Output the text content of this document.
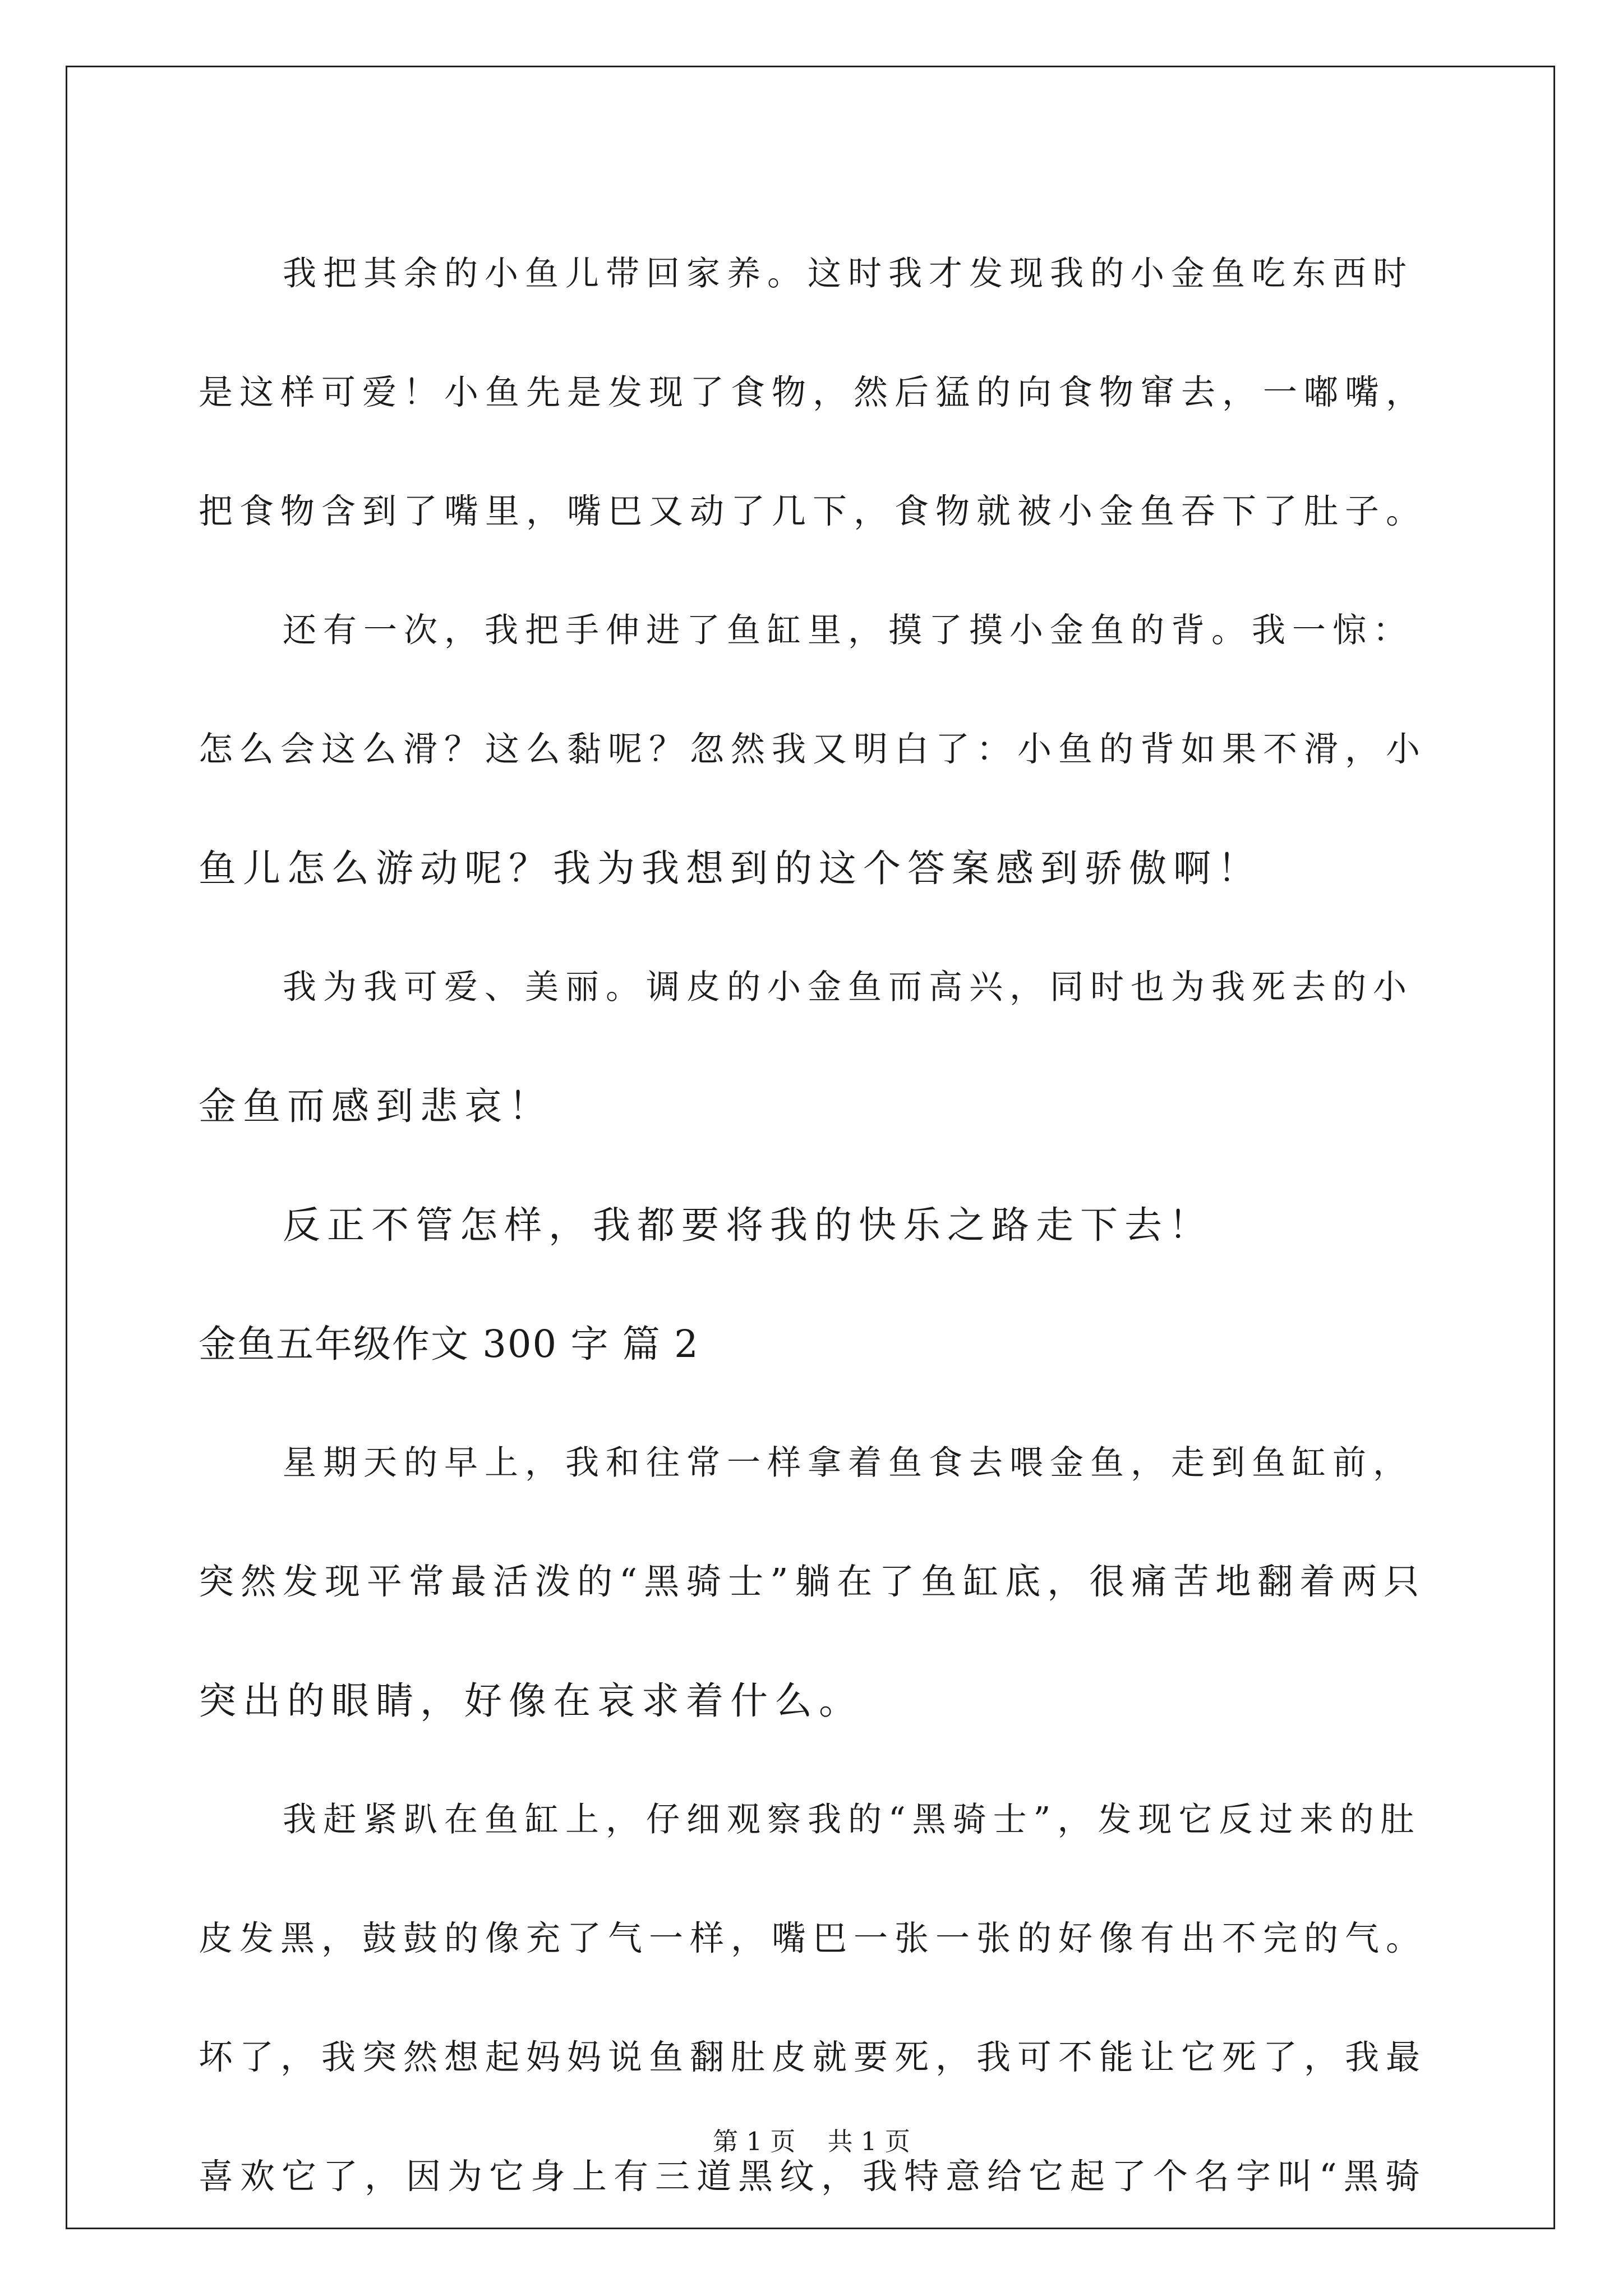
我把其余的小鱼儿带回家养。这时我才发现我的小金鱼吃东西时
是这样可爱！小鱼先是发现了食物，然后猛的向食物窜去，一嘟嘴，
把食物含到了嘴里，嘴巴又动了几下，食物就被小金鱼吞下了肚子。
还有一次，我把手伸进了鱼缸里，摸了摸小金鱼的背。我一惊：
怎么会这么滑？这么黏呢？忽然我又明白了：小鱼的背如果不滑，小
鱼儿怎么游动呢？我为我想到的这个答案感到骄傲啊！
我为我可爱、美丽。调皮的小金鱼而高兴，同时也为我死去的小
金鱼而感到悲哀！
反正不管怎样，我都要将我的快乐之路走下去！
金鱼五年级作文 300 字 篇 2
星期天的早上，我和往常一样拿着鱼食去喂金鱼，走到鱼缸前，
突然发现平常最活泼的“黑骑士”躺在了鱼缸底，很痛苦地翻着两只
突出的眼睛，好像在哀求着什么。
我赶紧趴在鱼缸上，仔细观察我的“黑骑士”，发现它反过来的肚
皮发黑，鼓鼓的像充了气一样，嘴巴一张一张的好像有出不完的气。
坏了，我突然想起妈妈说鱼翻肚皮就要死，我可不能让它死了，我最
喜欢它了，因为它身上有三道黑纹，我特意给它起了个名字叫“黑骑
第 1 页    共 1 页
